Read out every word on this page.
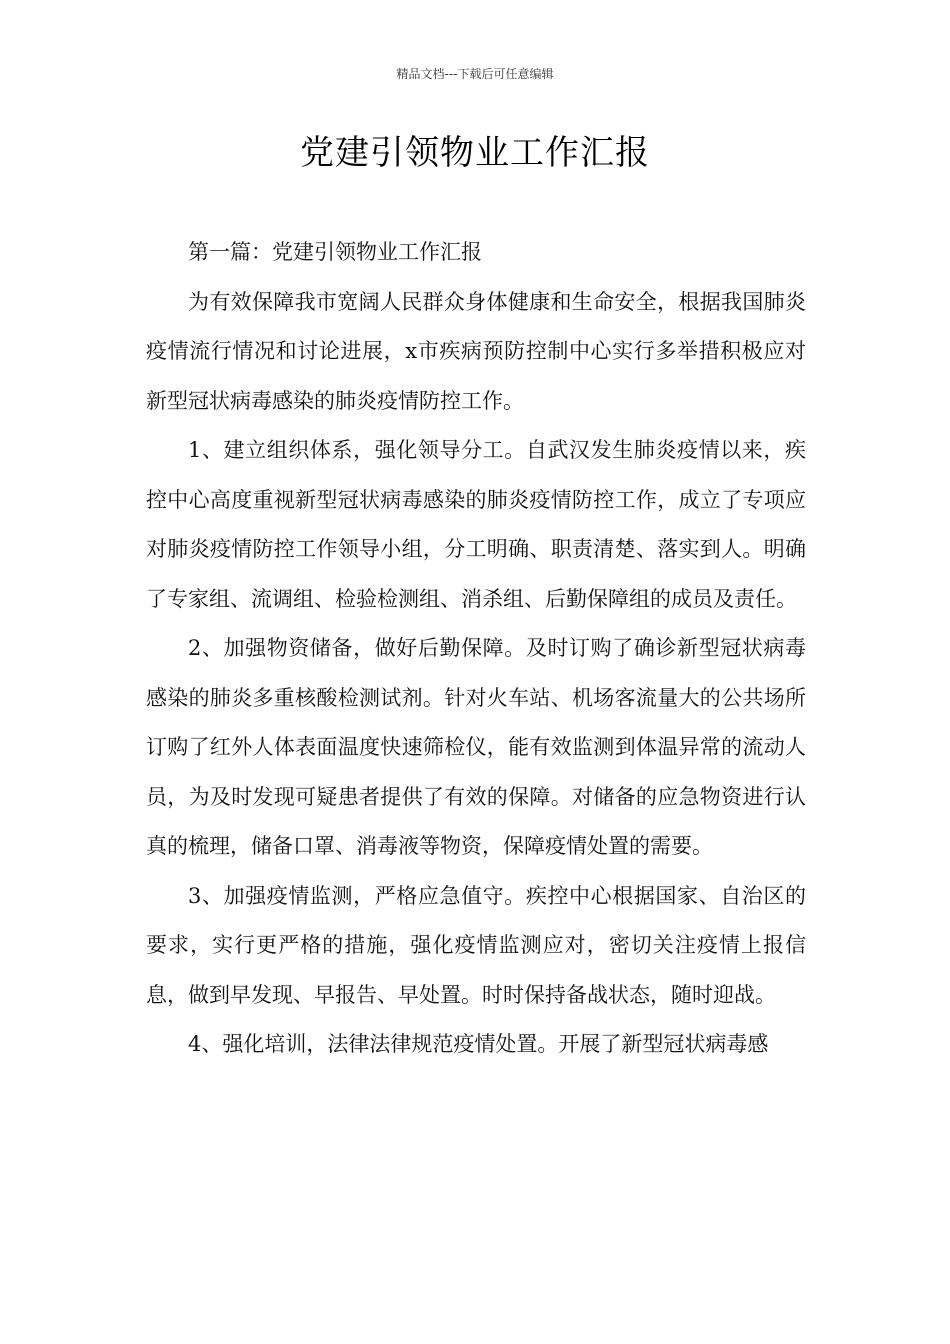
精品文档---下载后可任意编辑
党建引领物业工作汇报

第一篇：党建引领物业工作汇报

为有效保障我市宽阔人民群众身体健康和生命安全，根据我国肺炎疫情流行情况和讨论进展，x市疾病预防控制中心实行多举措积极应对新型冠状病毒感染的肺炎疫情防控工作。

1、建立组织体系，强化领导分工。自武汉发生肺炎疫情以来，疾控中心高度重视新型冠状病毒感染的肺炎疫情防控工作，成立了专项应对肺炎疫情防控工作领导小组，分工明确、职责清楚、落实到人。明确了专家组、流调组、检验检测组、消杀组、后勤保障组的成员及责任。

2、加强物资储备，做好后勤保障。及时订购了确诊新型冠状病毒感染的肺炎多重核酸检测试剂。针对火车站、机场客流量大的公共场所订购了红外人体表面温度快速筛检仪，能有效监测到体温异常的流动人员，为及时发现可疑患者提供了有效的保障。对储备的应急物资进行认真的梳理，储备口罩、消毒液等物资，保障疫情处置的需要。

3、加强疫情监测，严格应急值守。疾控中心根据国家、自治区的要求，实行更严格的措施，强化疫情监测应对，密切关注疫情上报信息，做到早发现、早报告、早处置。时时保持备战状态，随时迎战。

4、强化培训，法律法律规范疫情处置。开展了新型冠状病毒感
